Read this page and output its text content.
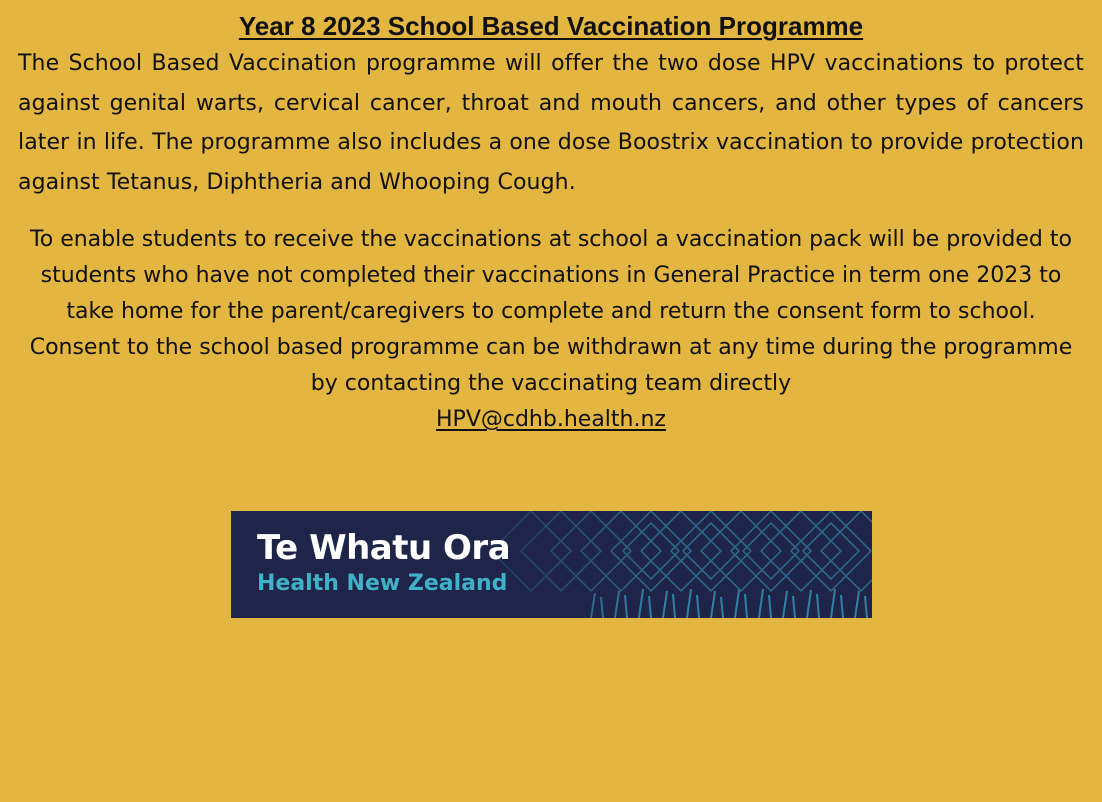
Year 8 2023 School Based Vaccination Programme
The School Based Vaccination programme will offer the two dose HPV vaccinations to protect against genital warts, cervical cancer, throat and mouth cancers, and other types of cancers later in life. The programme also includes a one dose Boostrix vaccination to provide protection against Tetanus, Diphtheria and Whooping Cough.
To enable students to receive the vaccinations at school a vaccination pack will be provided to students who have not completed their vaccinations in General Practice in term one 2023 to take home for the parent/caregivers to complete and return the consent form to school. Consent to the school based programme can be withdrawn at any time during the programme by contacting the vaccinating team directly
HPV@cdhb.health.nz
Te Whatu Ora
Health New Zealand
